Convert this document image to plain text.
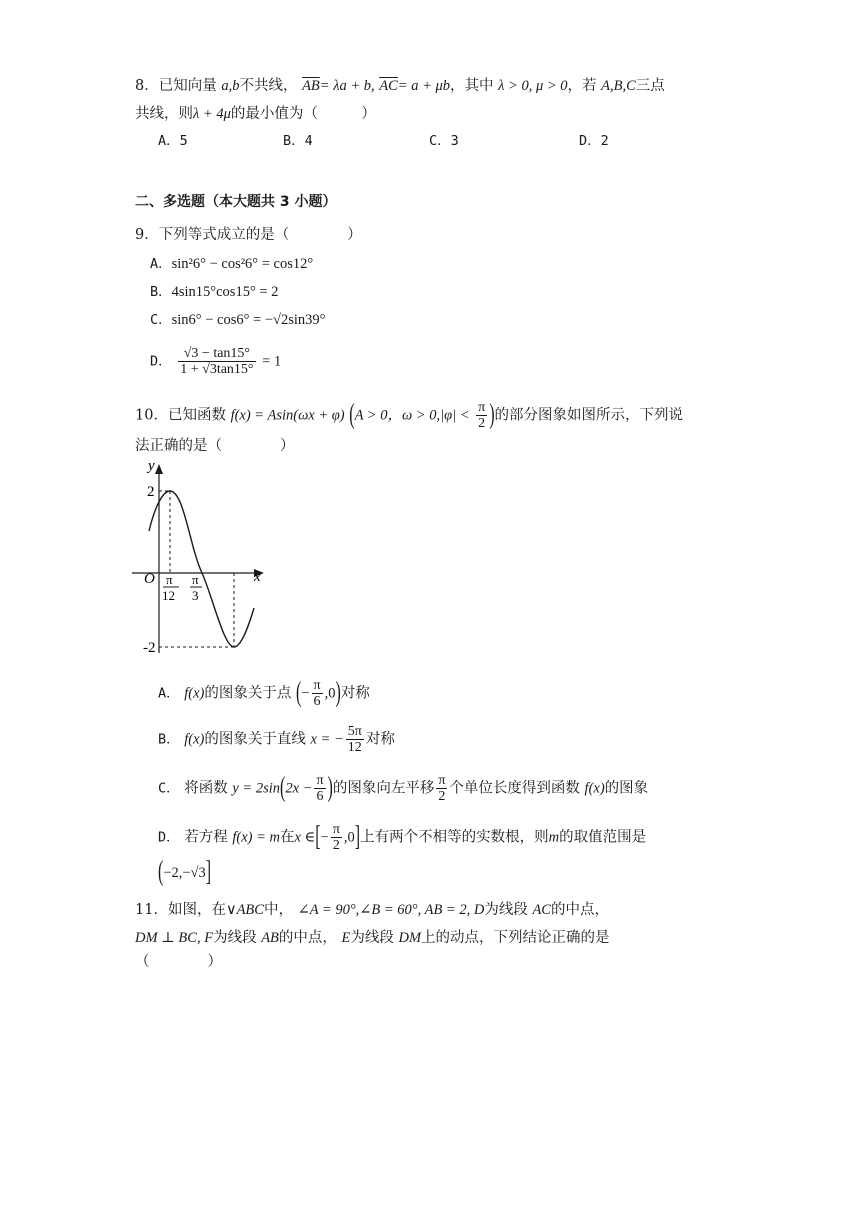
8．已知向量 a,b不共线， $\overline{AB}= \lambda a + b$, $\overline{AC}= a + \mu b$，其中 λ > 0, μ > 0，若 A,B,C三点
共线，则λ + 4μ的最小值为（　　　）
A．5	B．4	C．3	D．2
二、多选题（本大题共 3 小题）
9．下列等式成立的是（　　　　）
A．sin²6° − cos²6° = cos12°
B．4sin15°cos15° = 2
C．sin6° − cos6° = −√2sin39°
D． $\frac{√3 - \tan 15^\circ}{1 + √3\tan 15^\circ} = 1$
10．已知函数 f(x) = Asin(ωx + φ) (A > 0，$\omega > 0,|\varphi| < \frac{\pi}{2}$ )的部分图象如图所示，下列说
法正确的是（　　　　）
y
x
O
2
-2
π
12
π
3
A． f(x)的图象关于点 (− $\frac{\pi}{6} ,0$)对称
B． f(x)的图象关于直线 x = − $\frac{5\pi}{12}$ 对称
C． 将函数 $y = 2\sin(2x - \frac{\pi}{6}$ )的图象向左平移 $\frac{\pi}{2}$ 个单位长度得到函数 f(x)的图象
D． 若方程 f(x) = m在x ∈[− $\frac{\pi}{2} ,0$]上有两个不相等的实数根，则m的取值范围是
(−2,−√3]
11．如图，在∨ABC中， ∠A = 90°,∠B = 60°, AB = 2, D为线段 AC的中点，
DM ⊥ BC, F为线段 AB的中点， E为线段 DM上的动点，下列结论正确的是
（　　　　）
